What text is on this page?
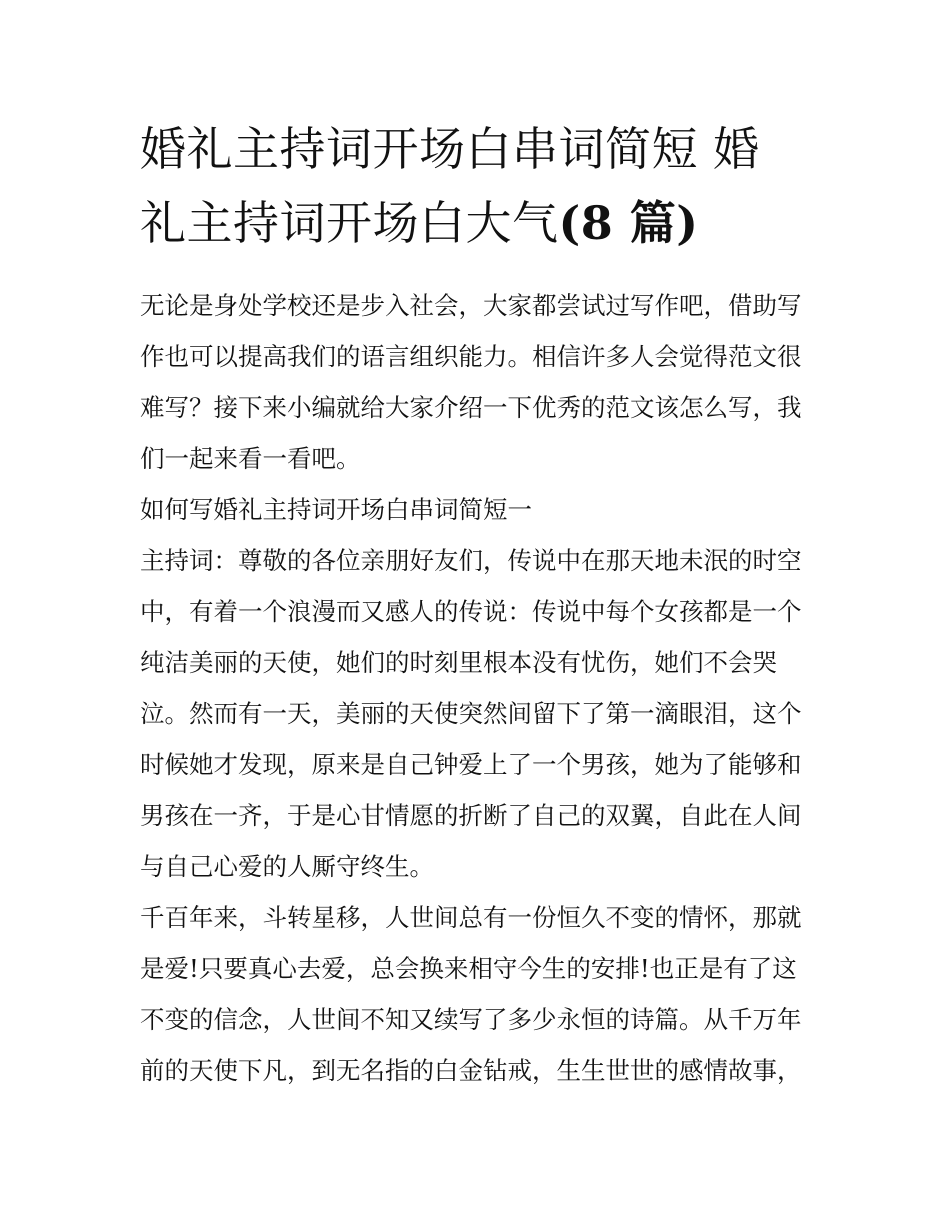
婚礼主持词开场白串词简短 婚
礼主持词开场白大气(8 篇)

无论是身处学校还是步入社会，大家都尝试过写作吧，借助写作也可以提高我们的语言组织能力。相信许多人会觉得范文很难写？接下来小编就给大家介绍一下优秀的范文该怎么写，我们一起来看一看吧。

如何写婚礼主持词开场白串词简短一

主持词：尊敬的各位亲朋好友们，传说中在那天地未泯的时空中，有着一个浪漫而又感人的传说：传说中每个女孩都是一个纯洁美丽的天使，她们的时刻里根本没有忧伤，她们不会哭泣。然而有一天，美丽的天使突然间留下了第一滴眼泪，这个时候她才发现，原来是自己钟爱上了一个男孩，她为了能够和男孩在一齐，于是心甘情愿的折断了自己的双翼，自此在人间与自己心爱的人厮守终生。

千百年来，斗转星移，人世间总有一份恒久不变的情怀，那就是爱!只要真心去爱，总会换来相守今生的安排!也正是有了这不变的信念，人世间不知又续写了多少永恒的诗篇。从千万年前的天使下凡，到无名指的白金钻戒，生生世世的感情故事，
